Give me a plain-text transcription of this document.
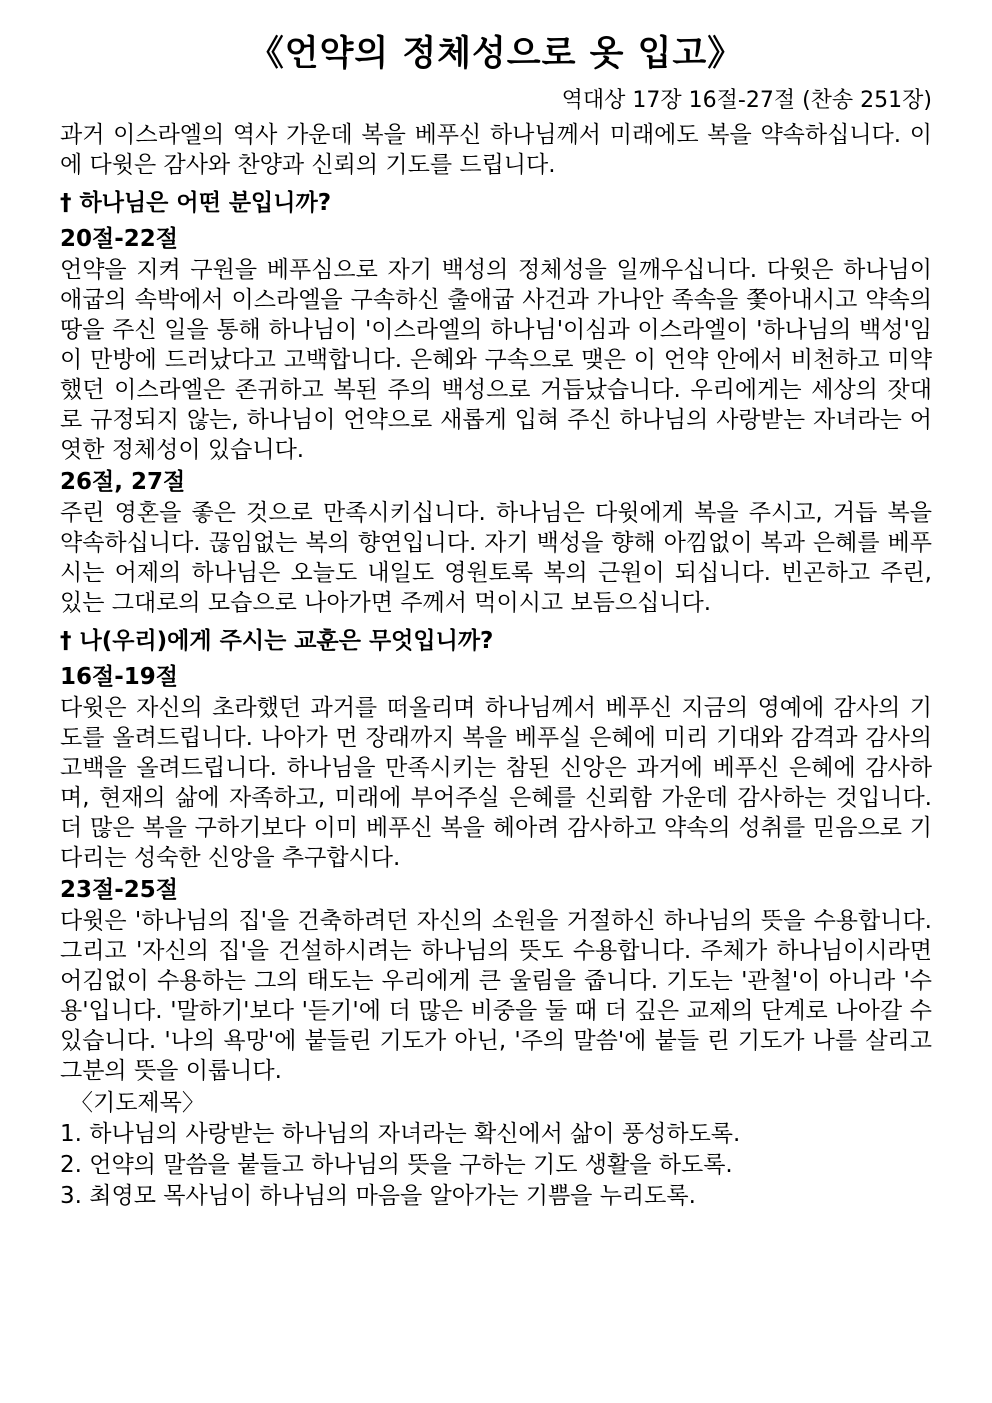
《언약의 정체성으로 옷 입고》
역대상 17장 16절-27절 (찬송 251장)

과거 이스라엘의 역사 가운데 복을 베푸신 하나님께서 미래에도 복을 약속하십니다. 이에 다윗은 감사와 찬양과 신뢰의 기도를 드립니다.

† 하나님은 어떤 분입니까?
20절-22절

언약을 지켜 구원을 베푸심으로 자기 백성의 정체성을 일깨우십니다. 다윗은 하나님이 애굽의 속박에서 이스라엘을 구속하신 출애굽 사건과 가나안 족속을 쫓아내시고 약속의 땅을 주신 일을 통해 하나님이 '이스라엘의 하나님'이심과 이스라엘이 '하나님의 백성'임이 만방에 드러났다고 고백합니다. 은혜와 구속으로 맺은 이 언약 안에서 비천하고 미약했던 이스라엘은 존귀하고 복된 주의 백성으로 거듭났습니다. 우리에게는 세상의 잣대로 규정되지 않는, 하나님이 언약으로 새롭게 입혀 주신 하나님의 사랑받는 자녀라는 어엿한 정체성이 있습니다.

26절, 27절

주린 영혼을 좋은 것으로 만족시키십니다. 하나님은 다윗에게 복을 주시고, 거듭 복을 약속하십니다. 끊임없는 복의 향연입니다. 자기 백성을 향해 아낌없이 복과 은혜를 베푸시는 어제의 하나님은 오늘도 내일도 영원토록 복의 근원이 되십니다. 빈곤하고 주린, 있는 그대로의 모습으로 나아가면 주께서 먹이시고 보듬으십니다.

† 나(우리)에게 주시는 교훈은 무엇입니까?
16절-19절

다윗은 자신의 초라했던 과거를 떠올리며 하나님께서 베푸신 지금의 영예에 감사의 기도를 올려드립니다. 나아가 먼 장래까지 복을 베푸실 은혜에 미리 기대와 감격과 감사의 고백을 올려드립니다. 하나님을 만족시키는 참된 신앙은 과거에 베푸신 은혜에 감사하며, 현재의 삶에 자족하고, 미래에 부어주실 은혜를 신뢰함 가운데 감사하는 것입니다. 더 많은 복을 구하기보다 이미 베푸신 복을 헤아려 감사하고 약속의 성취를 믿음으로 기다리는 성숙한 신앙을 추구합시다.

23절-25절

다윗은 '하나님의 집'을 건축하려던 자신의 소원을 거절하신 하나님의 뜻을 수용합니다. 그리고 '자신의 집'을 건설하시려는 하나님의 뜻도 수용합니다. 주체가 하나님이시라면 어김없이 수용하는 그의 태도는 우리에게 큰 울림을 줍니다. 기도는 '관철'이 아니라 '수용'입니다. '말하기'보다 '듣기'에 더 많은 비중을 둘 때 더 깊은 교제의 단계로 나아갈 수 있습니다. '나의 욕망'에 붙들린 기도가 아닌, '주의 말씀'에 붙들 린 기도가 나를 살리고 그분의 뜻을 이룹니다.

〈기도제목〉
1. 하나님의 사랑받는 하나님의 자녀라는 확신에서 삶이 풍성하도록.
2. 언약의 말씀을 붙들고 하나님의 뜻을 구하는 기도 생활을 하도록.
3. 최영모 목사님이 하나님의 마음을 알아가는 기쁨을 누리도록.
